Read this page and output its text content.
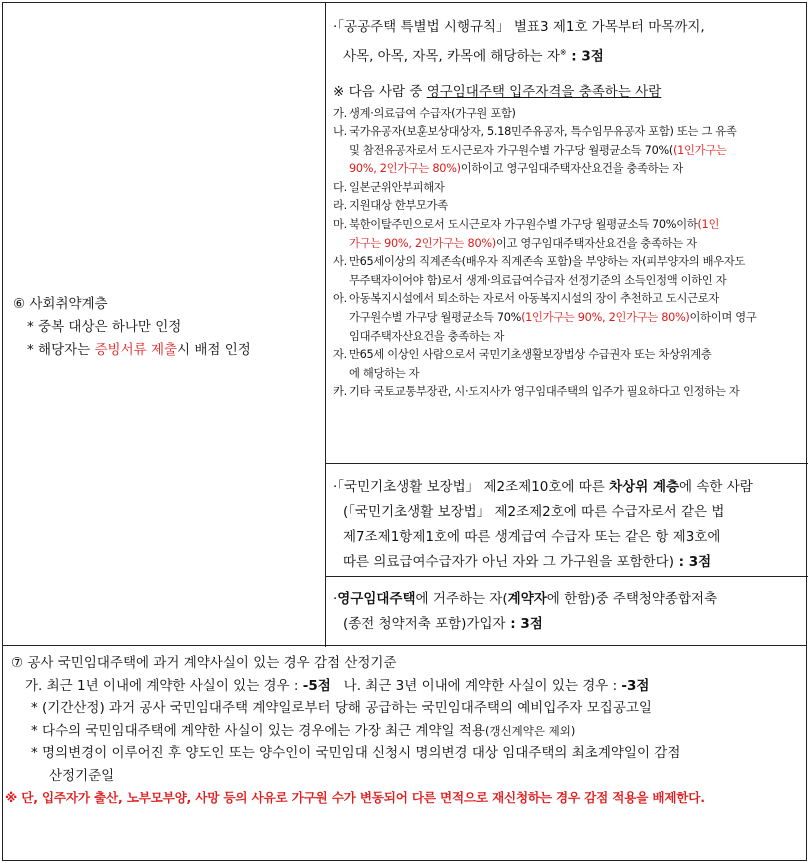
⑥ 사회취약계층
* 중복 대상은 하나만 인정
* 해당자는 증빙서류 제출시 배점 인정
·「공공주택 특별법 시행규칙」 별표3 제1호 가목부터 마목까지,
사목, 아목, 자목, 카목에 해당하는 자※ : 3점
※ 다음 사람 중 영구임대주택 입주자격을 충족하는 사람
가. 생계·의료급여 수급자(가구원 포함)
나. 국가유공자(보훈보상대상자, 5.18민주유공자, 특수임무유공자 포함) 또는 그 유족
및 참전유공자로서 도시근로자 가구원수별 가구당 월평균소득 70%((1인가구는
90%, 2인가구는 80%)이하이고 영구임대주택자산요건을 충족하는 자
다. 일본군위안부피해자
라. 지원대상 한부모가족
마. 북한이탈주민으로서 도시근로자 가구원수별 가구당 월평균소득 70%이하 (1인
가구는 90%, 2인가구는 80%)이고 영구임대주택자산요건을 충족하는 자
사. 만65세이상의 직계존속(배우자 직계존속 포함)을 부양하는 자(피부양자의 배우자도
무주택자이어야 함)로서 생계·의료급여수급자 선정기준의 소득인정액 이하인 자
아. 아동복지시설에서 퇴소하는 자로서 아동복지시설의 장이 추천하고 도시근로자
가구원수별 가구당 월평균소득 70%(1인가구는 90%, 2인가구는 80%)이하이며 영구
임대주택자산요건을 충족하는 자
자. 만65세 이상인 사람으로서 국민기초생활보장법상 수급권자 또는 차상위계층
에 해당하는 자
카. 기타 국토교통부장관, 시·도지사가 영구임대주택의 입주가 필요하다고 인정하는 자
·「국민기초생활 보장법」 제2조제10호에 따른 차상위 계층에 속한 사람
(「국민기초생활 보장법」 제2조제2호에 따른 수급자로서 같은 법
제7조제1항제1호에 따른 생계급여 수급자 또는 같은 항 제3호에
따른 의료급여수급자가 아닌 자와 그 가구원을 포함한다) : 3점
·영구임대주택에 거주하는 자(계약자에 한함)중 주택청약종합저축
(종전 청약저축 포함)가입자 : 3점
⑦ 공사 국민임대주택에 과거 계약사실이 있는 경우 감점 산정기준
가. 최근 1년 이내에 계약한 사실이 있는 경우 : -5점   나. 최근 3년 이내에 계약한 사실이 있는 경우 : -3점
* (기간산정) 과거 공사 국민임대주택 계약일로부터 당해 공급하는 국민임대주택의 예비입주자 모집공고일
* 다수의 국민임대주택에 계약한 사실이 있는 경우에는 가장 최근 계약일 적용(갱신계약은 제외)
* 명의변경이 이루어진 후 양도인 또는 양수인이 국민임대 신청시 명의변경 대상 임대주택의 최초계약일이 감점
산정기준일
※ 단, 입주자가 출산, 노부모부양, 사망 등의 사유로 가구원 수가 변동되어 다른 면적으로 재신청하는 경우 감점 적용을 배제한다.
